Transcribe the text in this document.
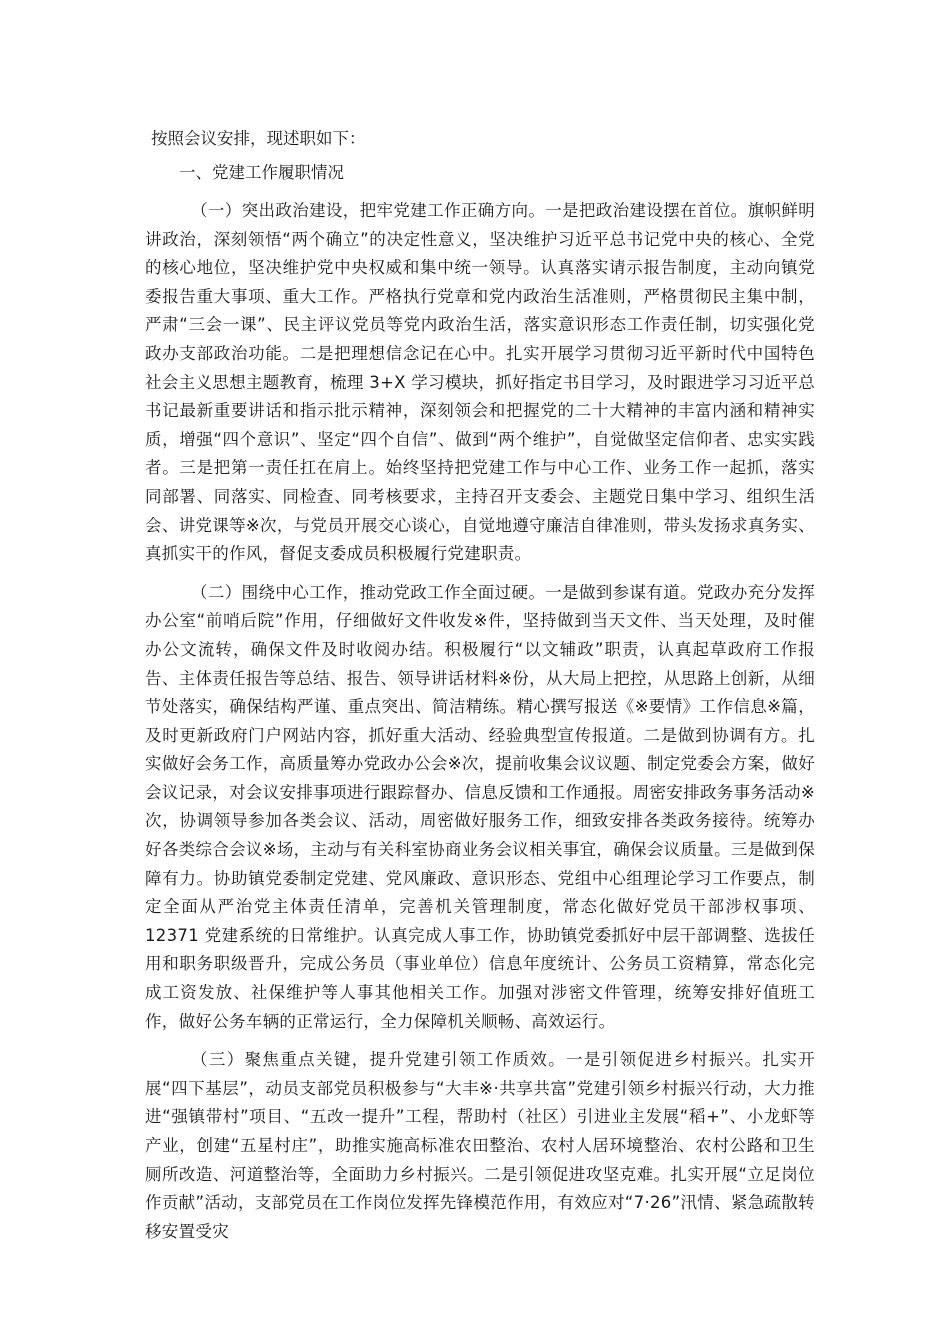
按照会议安排，现述职如下：

一、党建工作履职情况

（一）突出政治建设，把牢党建工作正确方向。一是把政治建设摆在首位。旗帜鲜明讲政治，深刻领悟“两个确立”的决定性意义，坚决维护习近平总书记党中央的核心、全党的核心地位，坚决维护党中央权威和集中统一领导。认真落实请示报告制度，主动向镇党委报告重大事项、重大工作。严格执行党章和党内政治生活准则，严格贯彻民主集中制，严肃“三会一课”、民主评议党员等党内政治生活，落实意识形态工作责任制，切实强化党政办支部政治功能。二是把理想信念记在心中。扎实开展学习贯彻习近平新时代中国特色社会主义思想主题教育，梳理 3+X 学习模块，抓好指定书目学习，及时跟进学习习近平总书记最新重要讲话和指示批示精神，深刻领会和把握党的二十大精神的丰富内涵和精神实质，增强“四个意识”、坚定“四个自信”、做到“两个维护”，自觉做坚定信仰者、忠实实践者。三是把第一责任扛在肩上。始终坚持把党建工作与中心工作、业务工作一起抓，落实同部署、同落实、同检查、同考核要求，主持召开支委会、主题党日集中学习、组织生活会、讲党课等※次，与党员开展交心谈心，自觉地遵守廉洁自律准则，带头发扬求真务实、真抓实干的作风，督促支委成员积极履行党建职责。

（二）围绕中心工作，推动党政工作全面过硬。一是做到参谋有道。党政办充分发挥办公室“前哨后院”作用，仔细做好文件收发※件，坚持做到当天文件、当天处理，及时催办公文流转，确保文件及时收阅办结。积极履行“以文辅政”职责，认真起草政府工作报告、主体责任报告等总结、报告、领导讲话材料※份，从大局上把控，从思路上创新，从细节处落实，确保结构严谨、重点突出、简洁精练。精心撰写报送《※要情》工作信息※篇，及时更新政府门户网站内容，抓好重大活动、经验典型宣传报道。二是做到协调有方。扎实做好会务工作，高质量筹办党政办公会※次，提前收集会议议题、制定党委会方案，做好会议记录，对会议安排事项进行跟踪督办、信息反馈和工作通报。周密安排政务事务活动※次，协调领导参加各类会议、活动，周密做好服务工作，细致安排各类政务接待。统筹办好各类综合会议※场，主动与有关科室协商业务会议相关事宜，确保会议质量。三是做到保障有力。协助镇党委制定党建、党风廉政、意识形态、党组中心组理论学习工作要点，制定全面从严治党主体责任清单，完善机关管理制度，常态化做好党员干部涉权事项、12371 党建系统的日常维护。认真完成人事工作，协助镇党委抓好中层干部调整、选拔任用和职务职级晋升，完成公务员（事业单位）信息年度统计、公务员工资精算，常态化完成工资发放、社保维护等人事其他相关工作。加强对涉密文件管理，统筹安排好值班工作，做好公务车辆的正常运行，全力保障机关顺畅、高效运行。

（三）聚焦重点关键，提升党建引领工作质效。一是引领促进乡村振兴。扎实开展“四下基层”，动员支部党员积极参与“大丰※·共享共富”党建引领乡村振兴行动，大力推进“强镇带村”项目、“五改一提升”工程，帮助村（社区）引进业主发展“稻+”、小龙虾等产业，创建“五星村庄”，助推实施高标准农田整治、农村人居环境整治、农村公路和卫生厕所改造、河道整治等，全面助力乡村振兴。二是引领促进攻坚克难。扎实开展“立足岗位作贡献”活动，支部党员在工作岗位发挥先锋模范作用，有效应对“7·26”汛情、紧急疏散转移安置受灾
